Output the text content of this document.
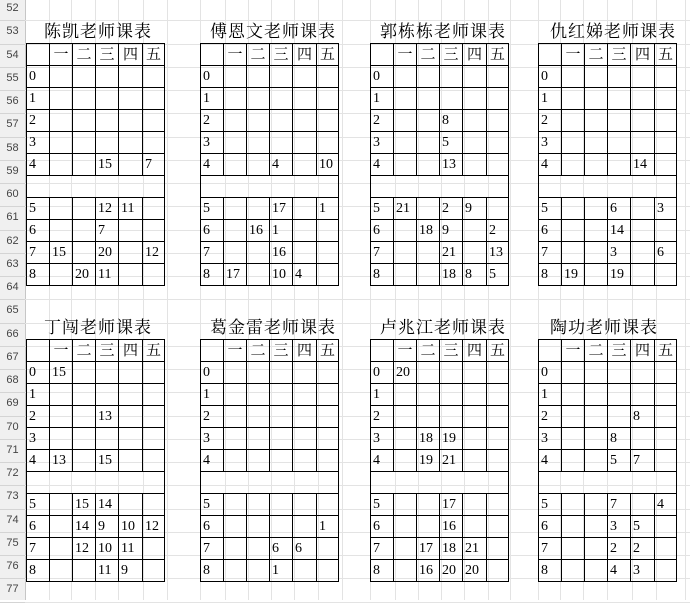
52
53
54
55
56
57
58
59
60
61
62
63
64
65
66
67
68
69
70
71
72
73
74
75
76
77
陈凯老师课表
	一	二	三	四	五
0					
1					
2					
3					
4			15		7

5			12	11	
6			7		
7	15		20		12
8		20	11		
傅恩文老师课表
	一	二	三	四	五
0					
1					
2					
3					
4			4		10

5			17		1
6		16	1		
7			16		
8	17		10	4	
郭栋栋老师课表
	一	二	三	四	五
0					
1					
2			8		
3			5		
4			13		

5	21		2	9	
6		18	9		2
7			21		13
8			18	8	5
仇红娣老师课表
	一	二	三	四	五
0					
1					
2					
3					
4				14	

5			6		3
6			14		
7			3		6
8	19		19		
丁闯老师课表
	一	二	三	四	五
0	15				
1					
2			13		
3					
4	13		15		

5		15	14		
6		14	9	10	12
7		12	10	11	
8			11	9	
葛金雷老师课表
	一	二	三	四	五
0					
1					
2					
3					
4					

5					
6					1
7			6	6	
8			1		
卢兆江老师课表
	一	二	三	四	五
0	20				
1					
2					
3		18	19		
4		19	21		

5			17		
6			16		
7		17	18	21	
8		16	20	20	
陶功老师课表
	一	二	三	四	五
0					
1					
2				8	
3			8		
4			5	7	

5			7		4
6			3	5	
7			2	2	
8			4	3	
